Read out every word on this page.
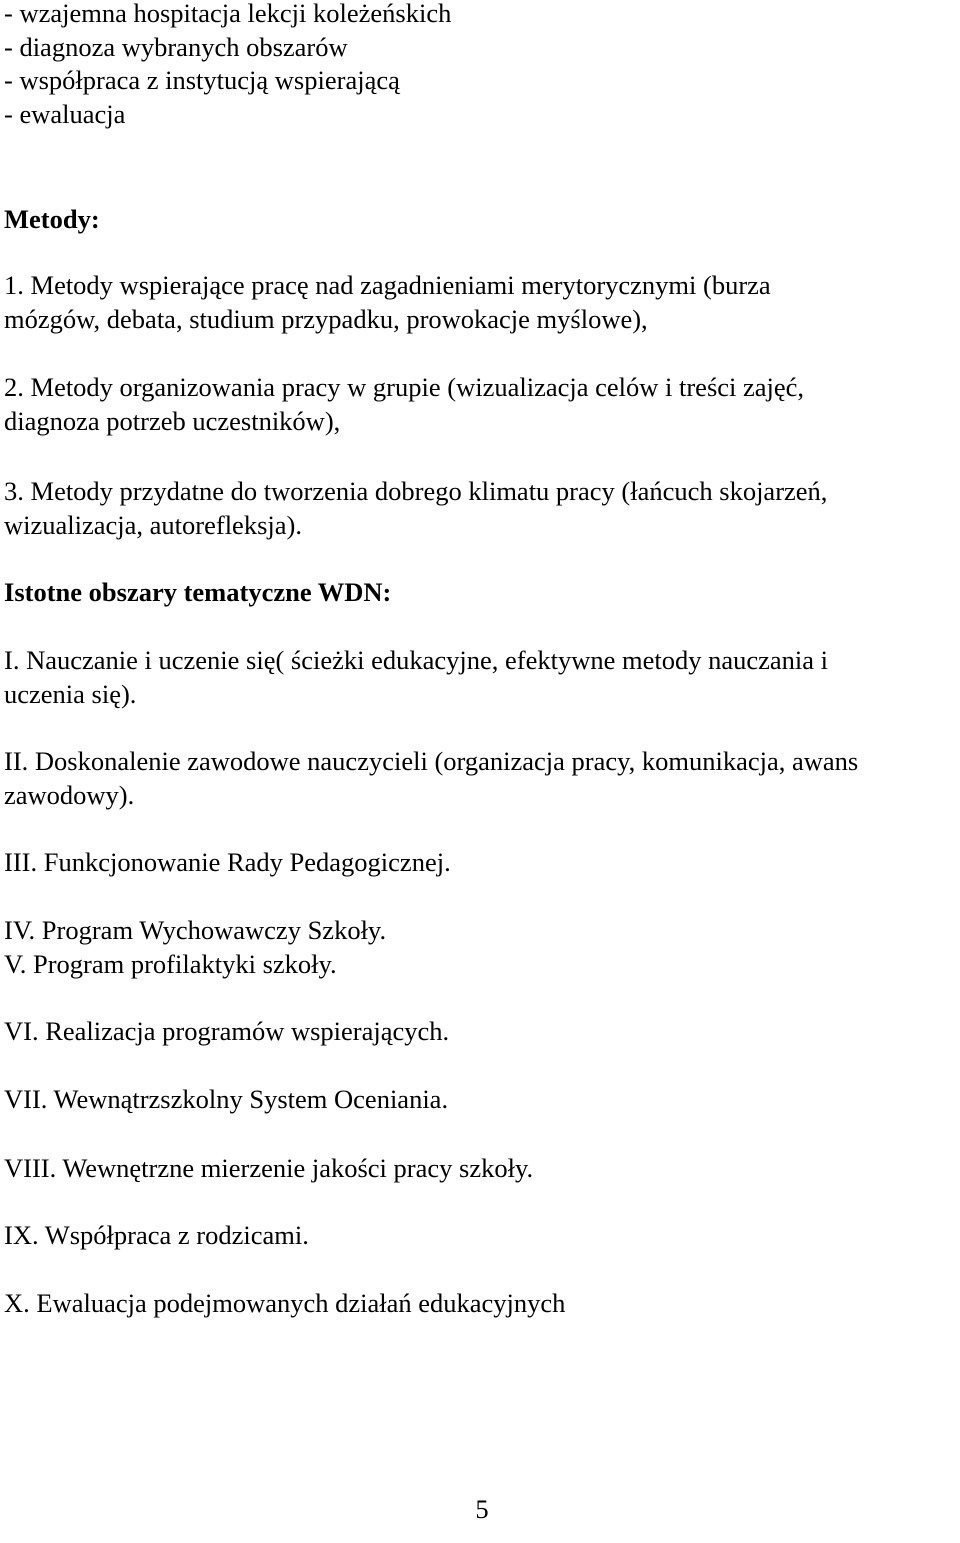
- wzajemna hospitacja lekcji koleżeńskich
- diagnoza wybranych obszarów
- współpraca z instytucją wspierającą
- ewaluacja
Metody:
1. Metody wspierające pracę nad zagadnieniami merytorycznymi (burza
mózgów, debata, studium przypadku, prowokacje myślowe),
2. Metody organizowania pracy w grupie (wizualizacja celów i treści zajęć,
diagnoza potrzeb uczestników),
3. Metody przydatne do tworzenia dobrego klimatu pracy (łańcuch skojarzeń,
wizualizacja, autorefleksja).
Istotne obszary tematyczne WDN:
I. Nauczanie i uczenie się( ścieżki edukacyjne, efektywne metody nauczania i
uczenia się).
II. Doskonalenie zawodowe nauczycieli (organizacja pracy, komunikacja, awans
zawodowy).
III. Funkcjonowanie Rady Pedagogicznej.
IV. Program Wychowawczy Szkoły.
V. Program profilaktyki szkoły.
VI. Realizacja programów wspierających.
VII. Wewnątrzszkolny System Oceniania.
VIII. Wewnętrzne mierzenie jakości pracy szkoły.
IX. Współpraca z rodzicami.
X. Ewaluacja podejmowanych działań edukacyjnych
5
